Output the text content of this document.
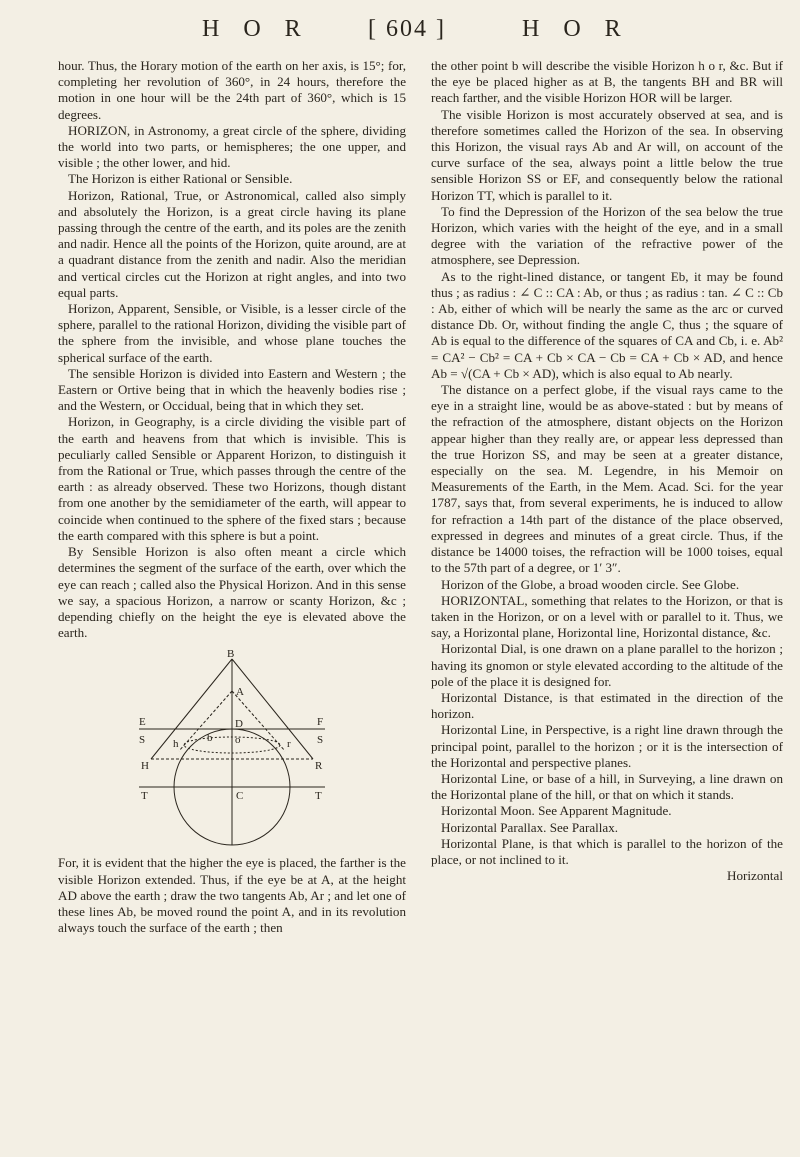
H O R [ 604 ]	H O R

hour. Thus, the Horary motion of the earth on her axis, is 15°; for, completing her revolution of 360°, in 24 hours, therefore the motion in one hour will be the 24th part of 360°, which is 15 degrees.

HORIZON, in Astronomy, a great circle of the sphere, dividing the world into two parts, or hemispheres; the one upper, and visible ; the other lower, and hid.

The Horizon is either Rational or Sensible.

Horizon, Rational, True, or Astronomical, called also simply and absolutely the Horizon, is a great circle having its plane passing through the centre of the earth, and its poles are the zenith and nadir. Hence all the points of the Horizon, quite around, are at a quadrant distance from the zenith and nadir. Also the meridian and vertical circles cut the Horizon at right angles, and into two equal parts.

Horizon, Apparent, Sensible, or Visible, is a lesser circle of the sphere, parallel to the rational Horizon, dividing the visible part of the sphere from the invisible, and whose plane touches the spherical surface of the earth.

The sensible Horizon is divided into Eastern and Western ; the Eastern or Ortive being that in which the heavenly bodies rise ; and the Western, or Occidual, being that in which they set.

Horizon, in Geography, is a circle dividing the visible part of the earth and heavens from that which is invisible. This is peculiarly called Sensible or Apparent Horizon, to distinguish it from the Rational or True, which passes through the centre of the earth : as already observed. These two Horizons, though distant from one another by the semidiameter of the earth, will appear to coincide when continued to the sphere of the fixed stars ; because the earth compared with this sphere is but a point.

By Sensible Horizon is also often meant a circle which determines the segment of the surface of the earth, over which the eye can reach ; called also the Physical Horizon. And in this sense we say, a spacious Horizon, a narrow or scanty Horizon, &c ; depending chiefly on the height the eye is elevated above the earth.

B
E	F
S	S
H	R
A
h	r
b o
D
T	C	T

For, it is evident that the higher the eye is placed, the farther is the visible Horizon extended. Thus, if the eye be at A, at the height AD above the earth ; draw the two tangents Ab, Ar ; and let one of these lines Ab, be moved round the point A, and in its revolution always touch the surface of the earth ; then

the other point b will describe the visible Horizon h o r, &c. But if the eye be placed higher as at B, the tangents BH and BR will reach farther, and the visible Horizon HOR will be larger.

The visible Horizon is most accurately observed at sea, and is therefore sometimes called the Horizon of the sea. In observing this Horizon, the visual rays Ab and Ar will, on account of the curve surface of the sea, always point a little below the true sensible Horizon SS or EF, and consequently below the rational Horizon TT, which is parallel to it.

To find the Depression of the Horizon of the sea below the true Horizon, which varies with the height of the eye, and in a small degree with the variation of the refractive power of the atmosphere, see Depression.

As to the right-lined distance, or tangent Eb, it may be found thus ; as radius : ∠ C :: CA : Ab, or thus ; as radius : tan. ∠ C :: Cb : Ab, either of which will be nearly the same as the arc or curved distance Db. Or, without finding the angle C, thus ; the square of Ab is equal to the difference of the squares of CA and Cb, i. e. Ab² = CA² − Cb² = CA + Cb × CA − Cb = CA + Cb × AD, and hence Ab = √(CA + Cb × AD), which is also equal to Ab nearly.

The distance on a perfect globe, if the visual rays came to the eye in a straight line, would be as above-stated : but by means of the refraction of the atmosphere, distant objects on the Horizon appear higher than they really are, or appear less depressed than the true Horizon SS, and may be seen at a greater distance, especially on the sea. M. Legendre, in his Memoir on Measurements of the Earth, in the Mem. Acad. Sci. for the year 1787, says that, from several experiments, he is induced to allow for refraction a 14th part of the distance of the place observed, expressed in degrees and minutes of a great circle. Thus, if the distance be 14000 toises, the refraction will be 1000 toises, equal to the 57th part of a degree, or 1′ 3″.

Horizon of the Globe, a broad wooden circle. See Globe.

HORIZONTAL, something that relates to the Horizon, or that is taken in the Horizon, or on a level with or parallel to it. Thus, we say, a Horizontal plane, Horizontal line, Horizontal distance, &c.

Horizontal Dial, is one drawn on a plane parallel to the horizon ; having its gnomon or style elevated according to the altitude of the pole of the place it is designed for.

Horizontal Distance, is that estimated in the direction of the horizon.

Horizontal Line, in Perspective, is a right line drawn through the principal point, parallel to the horizon ; or it is the intersection of the Horizontal and perspective planes.

Horizontal Line, or base of a hill, in Surveying, a line drawn on the Horizontal plane of the hill, or that on which it stands.

Horizontal Moon. See Apparent Magnitude.

Horizontal Parallax. See Parallax.

Horizontal Plane, is that which is parallel to the horizon of the place, or not inclined to it.

Horizontal
